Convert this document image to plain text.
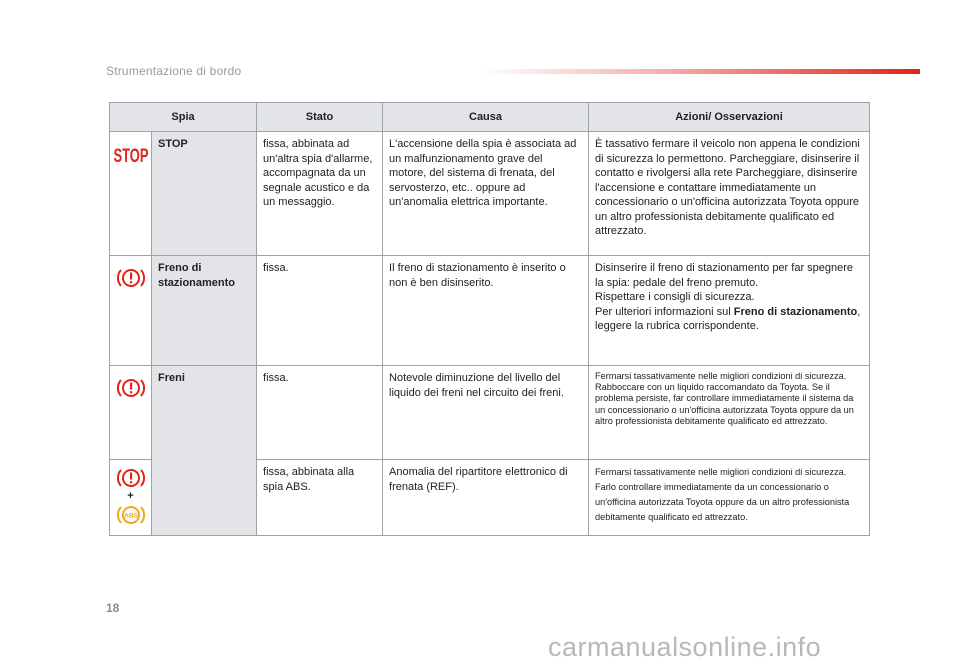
Strumentazione di bordo
Spia		Stato	Causa	Azioni/ Osservazioni

STOP	STOP	fissa, abbinata ad un'altra spia d'allarme, accompagnata da un segnale acustico e da un messaggio.	L'accensione della spia è associata ad un malfunzionamento grave del motore, del sistema di frenata, del servosterzo, etc.. oppure ad un'anomalia elettrica importante.	È tassativo fermare il veicolo non appena le condizioni di sicurezza lo permettono. Parcheggiare, disinserire il contatto e rivolgersi alla rete Parcheggiare, disinserire l'accensione e contattare immediatamente un concessionario o un'officina autorizzata Toyota oppure un altro professionista debitamente qualificato ed attrezzato.
	Freno di stazionamento	fissa.	Il freno di stazionamento è inserito o non è ben disinserito.	Disinserire il freno di stazionamento per far spegnere la spia: pedale del freno premuto.
Rispettare i consigli di sicurezza.
Per ulteriori informazioni sul Freno di stazionamento, leggere la rubrica corrispondente.

	Freni	fissa.	Notevole diminuzione del livello del liquido dei freni nel circuito dei freni.	Fermarsi tassativamente nelle migliori condizioni di sicurezza. Rabboccare con un liquido raccomandato da Toyota. Se il problema persiste, far controllare immediatamente il sistema da un concessionario o un'officina autorizzata Toyota oppure da un altro professionista debitamente qualificato ed attrezzato.

+
ABS		fissa, abbinata alla spia ABS.	Anomalia del ripartitore elettronico di frenata (REF).	Fermarsi tassativamente nelle migliori condizioni di sicurezza. Farlo controllare immediatamente da un concessionario o un'officina autorizzata Toyota oppure da un altro professionista debitamente qualificato ed attrezzato.
18
carmanualsonline.info
